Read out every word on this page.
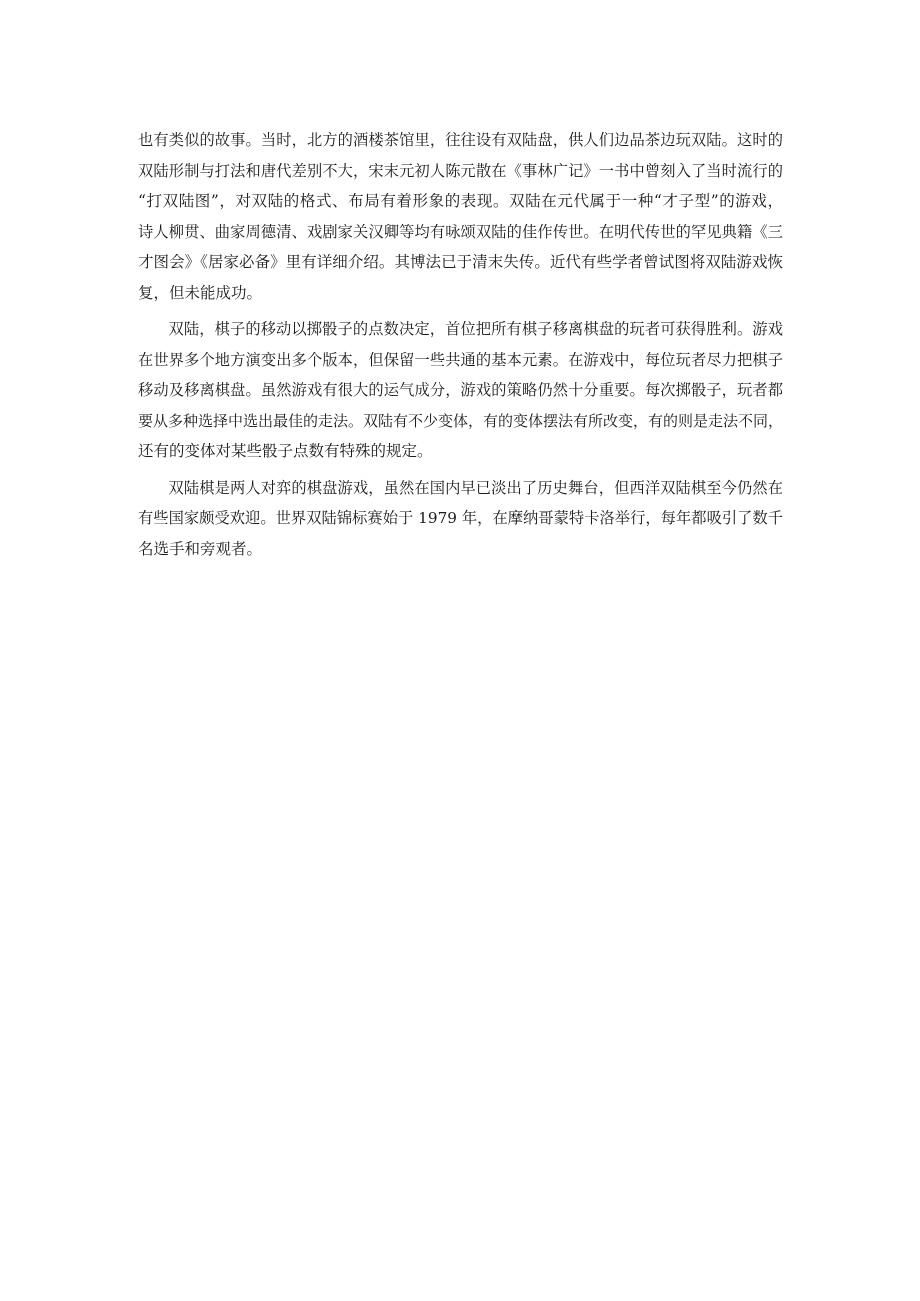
也有类似的故事。当时，北方的酒楼茶馆里，往往设有双陆盘，供人们边品茶边玩双陆。这时的
双陆形制与打法和唐代差别不大，宋末元初人陈元散在《事林广记》一书中曾刻入了当时流行的
“打双陆图”，对双陆的格式、布局有着形象的表现。双陆在元代属于一种“才子型”的游戏，
诗人柳贯、曲家周德清、戏剧家关汉卿等均有咏颂双陆的佳作传世。在明代传世的罕见典籍《三
才图会》《居家必备》里有详细介绍。其博法已于清末失传。近代有些学者曾试图将双陆游戏恢
复，但未能成功。

双陆，棋子的移动以掷骰子的点数决定，首位把所有棋子移离棋盘的玩者可获得胜利。游戏
在世界多个地方演变出多个版本，但保留一些共通的基本元素。在游戏中，每位玩者尽力把棋子
移动及移离棋盘。虽然游戏有很大的运气成分，游戏的策略仍然十分重要。每次掷骰子，玩者都
要从多种选择中选出最佳的走法。双陆有不少变体，有的变体摆法有所改变，有的则是走法不同，
还有的变体对某些骰子点数有特殊的规定。

双陆棋是两人对弈的棋盘游戏，虽然在国内早已淡出了历史舞台，但西洋双陆棋至今仍然在
有些国家颇受欢迎。世界双陆锦标赛始于 1979 年，在摩纳哥蒙特卡洛举行，每年都吸引了数千
名选手和旁观者。
